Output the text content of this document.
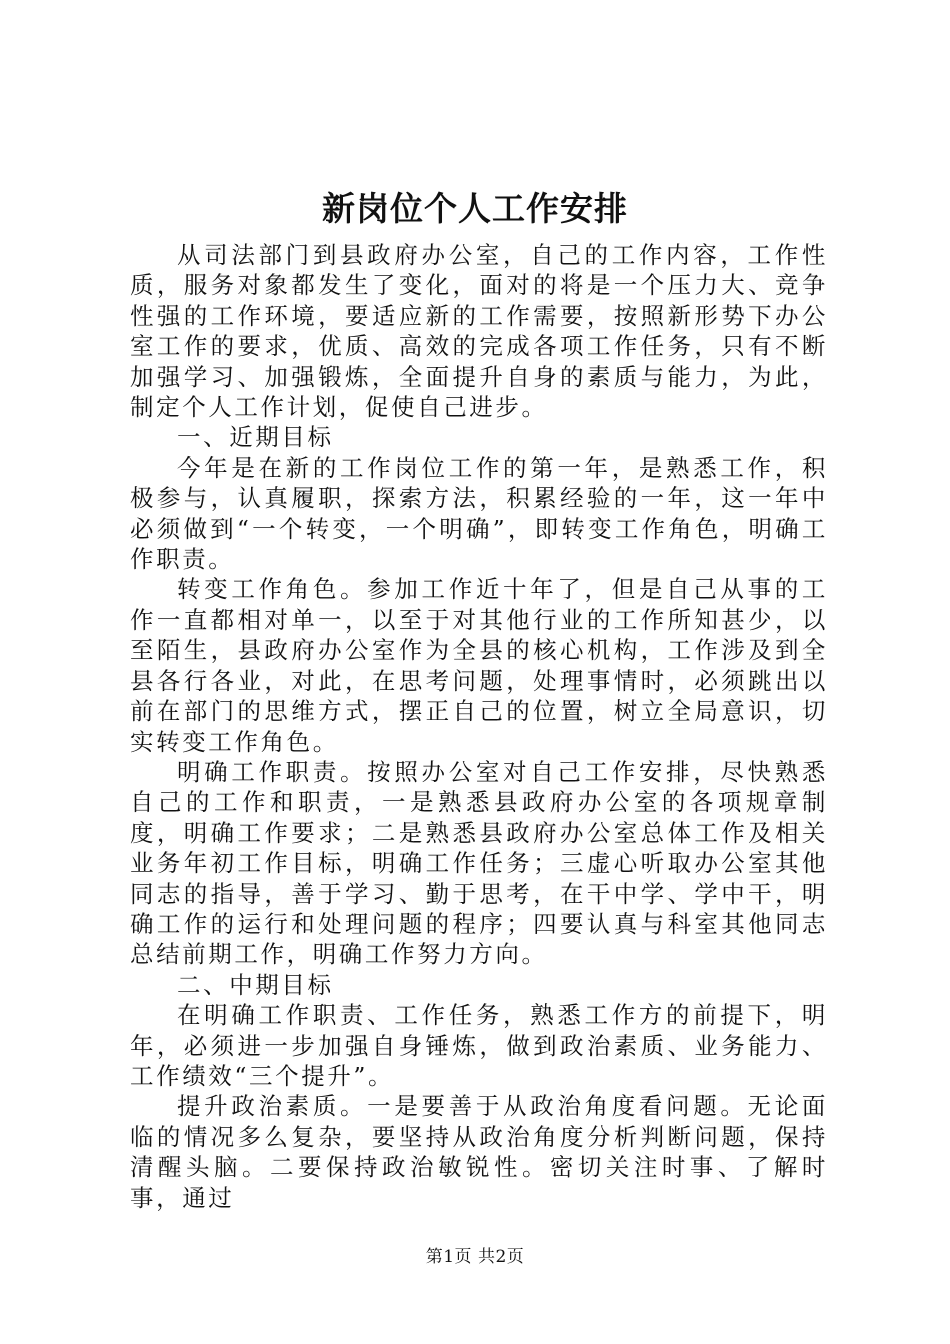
新岗位个人工作安排

从司法部门到县政府办公室，自己的工作内容，工作性质，服务对象都发生了变化，面对的将是一个压力大、竞争性强的工作环境，要适应新的工作需要，按照新形势下办公室工作的要求，优质、高效的完成各项工作任务，只有不断加强学习、加强锻炼，全面提升自身的素质与能力，为此，制定个人工作计划，促使自己进步。

一、近期目标

今年是在新的工作岗位工作的第一年，是熟悉工作，积极参与，认真履职，探索方法，积累经验的一年，这一年中必须做到“一个转变，一个明确”，即转变工作角色，明确工作职责。

转变工作角色。参加工作近十年了，但是自己从事的工作一直都相对单一，以至于对其他行业的工作所知甚少，以至陌生，县政府办公室作为全县的核心机构，工作涉及到全县各行各业，对此，在思考问题，处理事情时，必须跳出以前在部门的思维方式，摆正自己的位置，树立全局意识，切实转变工作角色。

明确工作职责。按照办公室对自己工作安排，尽快熟悉自己的工作和职责，一是熟悉县政府办公室的各项规章制度，明确工作要求；二是熟悉县政府办公室总体工作及相关业务年初工作目标，明确工作任务；三虚心听取办公室其他同志的指导，善于学习、勤于思考，在干中学、学中干，明确工作的运行和处理问题的程序；四要认真与科室其他同志总结前期工作，明确工作努力方向。

二、中期目标

在明确工作职责、工作任务，熟悉工作方的前提下，明年，必须进一步加强自身锤炼，做到政治素质、业务能力、工作绩效“三个提升”。

提升政治素质。一是要善于从政治角度看问题。无论面临的情况多么复杂，要坚持从政治角度分析判断问题，保持清醒头脑。二要保持政治敏锐性。密切关注时事、了解时事，通过

第1页 共2页
